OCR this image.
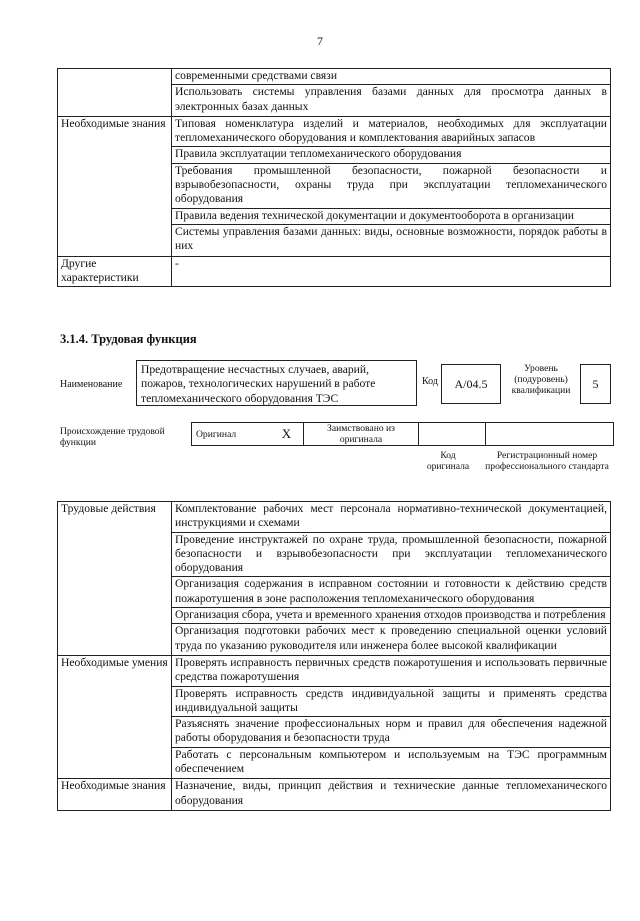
7

	современными средствами связи
Использовать системы управления базами данных для просмотра данных в электронных базах данных

Необходимые знания	Типовая номенклатура изделий и материалов, необходимых для эксплуатации тепломеханического оборудования и комплектования аварийных запасов
Правила эксплуатации тепломеханического оборудования
Требования промышленной безопасности, пожарной безопасности и взрывобезопасности, охраны труда при эксплуатации тепломеханического оборудования
Правила ведения технической документации и документооборота в организации
Системы управления базами данных: виды, основные возможности, порядок работы в них

Другие характеристики	-
3.1.4. Трудовая функция
Наименование
Предотвращение несчастных случаев, аварий, пожаров, технологических нарушений в работе тепломеханического оборудования ТЭС
Код	А/04.5
Уровень (подуровень) квалификации	5
Происхождение трудовой функции
Оригинал	X	Заимствовано из оригинала		
Код оригинала
Регистрационный номер профессионального стандарта
Трудовые действия	Комплектование рабочих мест персонала нормативно-технической документацией, инструкциями и схемами
Проведение инструктажей по охране труда, промышленной безопасности, пожарной безопасности и взрывобезопасности при эксплуатации тепломеханического оборудования
Организация содержания в исправном состоянии и готовности к действию средств пожаротушения в зоне расположения тепломеханического оборудования
Организация сбора, учета и временного хранения отходов производства и потребления
Организация подготовки рабочих мест к проведению специальной оценки условий труда по указанию руководителя или инженера более высокой квалификации

Необходимые умения	Проверять исправность первичных средств пожаротушения и использовать первичные средства пожаротушения
Проверять исправность средств индивидуальной защиты и применять средства индивидуальной защиты
Разъяснять значение профессиональных норм и правил для обеспечения надежной работы оборудования и безопасности труда
Работать с персональным компьютером и используемым на ТЭС программным обеспечением

Необходимые знания	Назначение, виды, принцип действия и технические данные тепломеханического оборудования
